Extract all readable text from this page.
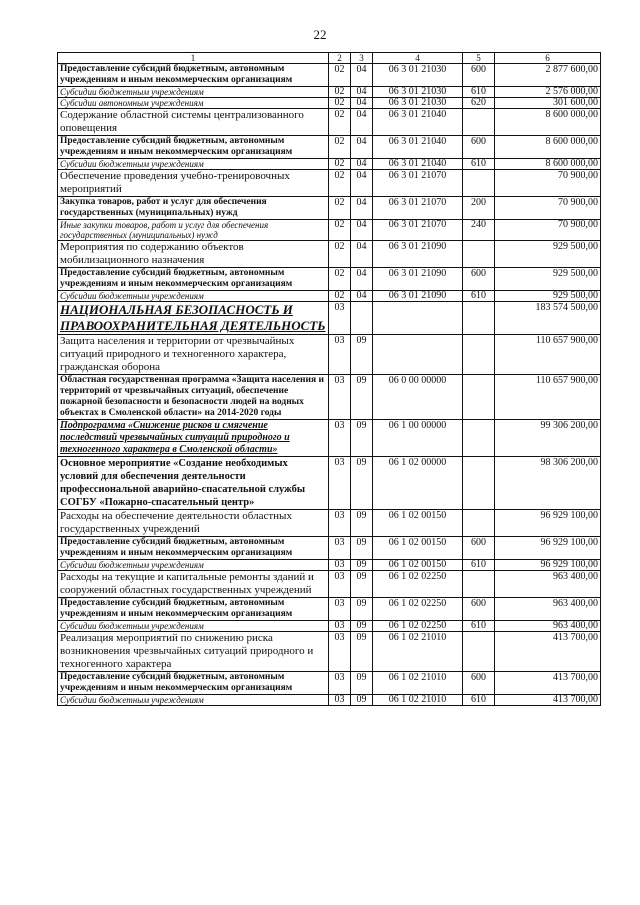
22
1	2	3	4	5	6
Предоставление субсидий бюджетным, автономным учреждениям и иным некоммерческим организациям	02	04	06 3 01 21030	600	2 877 600,00
Субсидии бюджетным учреждениям	02	04	06 3 01 21030	610	2 576 000,00
Субсидии автономным учреждениям	02	04	06 3 01 21030	620	301 600,00
Содержание областной системы централизованного оповещения	02	04	06 3 01 21040		8 600 000,00
Предоставление субсидий бюджетным, автономным учреждениям и иным некоммерческим организациям	02	04	06 3 01 21040	600	8 600 000,00
Субсидии бюджетным учреждениям	02	04	06 3 01 21040	610	8 600 000,00
Обеспечение проведения учебно-тренировочных мероприятий	02	04	06 3 01 21070		70 900,00
Закупка товаров, работ и услуг для обеспечения государственных (муниципальных) нужд	02	04	06 3 01 21070	200	70 900,00
Иные закупки товаров, работ и услуг для обеспечения государственных (муниципальных) нужд	02	04	06 3 01 21070	240	70 900,00
Мероприятия по содержанию объектов мобилизационного назначения	02	04	06 3 01 21090		929 500,00
Предоставление субсидий бюджетным, автономным учреждениям и иным некоммерческим организациям	02	04	06 3 01 21090	600	929 500,00
Субсидии бюджетным учреждениям	02	04	06 3 01 21090	610	929 500,00
НАЦИОНАЛЬНАЯ БЕЗОПАСНОСТЬ И ПРАВООХРАНИТЕЛЬНАЯ ДЕЯТЕЛЬНОСТЬ	03				183 574 500,00
Защита населения и территории от чрезвычайных ситуаций природного и техногенного характера, гражданская оборона	03	09			110 657 900,00
Областная государственная программа «Защита населения и территорий от чрезвычайных ситуаций, обеспечение пожарной безопасности и безопасности людей на водных объектах в Смоленской области» на 2014-2020 годы	03	09	06 0 00 00000		110 657 900,00
Подпрограмма «Снижение рисков и смягчение последствий чрезвычайных ситуаций природного и техногенного характера в Смоленской области»	03	09	06 1 00 00000		99 306 200,00
Основное мероприятие «Создание необходимых условий для обеспечения деятельности профессиональной аварийно-спасательной службы СОГБУ «Пожарно-спасательный центр»	03	09	06 1 02 00000		98 306 200,00
Расходы на обеспечение деятельности областных государственных учреждений	03	09	06 1 02 00150		96 929 100,00
Предоставление субсидий бюджетным, автономным учреждениям и иным некоммерческим организациям	03	09	06 1 02 00150	600	96 929 100,00
Субсидии бюджетным учреждениям	03	09	06 1 02 00150	610	96 929 100,00
Расходы на текущие и капитальные ремонты зданий и сооружений областных государственных учреждений	03	09	06 1 02 02250		963 400,00
Предоставление субсидий бюджетным, автономным учреждениям и иным некоммерческим организациям	03	09	06 1 02 02250	600	963 400,00
Субсидии бюджетным учреждениям	03	09	06 1 02 02250	610	963 400,00
Реализация мероприятий по снижению риска возникновения чрезвычайных ситуаций природного и техногенного характера	03	09	06 1 02 21010		413 700,00
Предоставление субсидий бюджетным, автономным учреждениям и иным некоммерческим организациям	03	09	06 1 02 21010	600	413 700,00
Субсидии бюджетным учреждениям	03	09	06 1 02 21010	610	413 700,00
